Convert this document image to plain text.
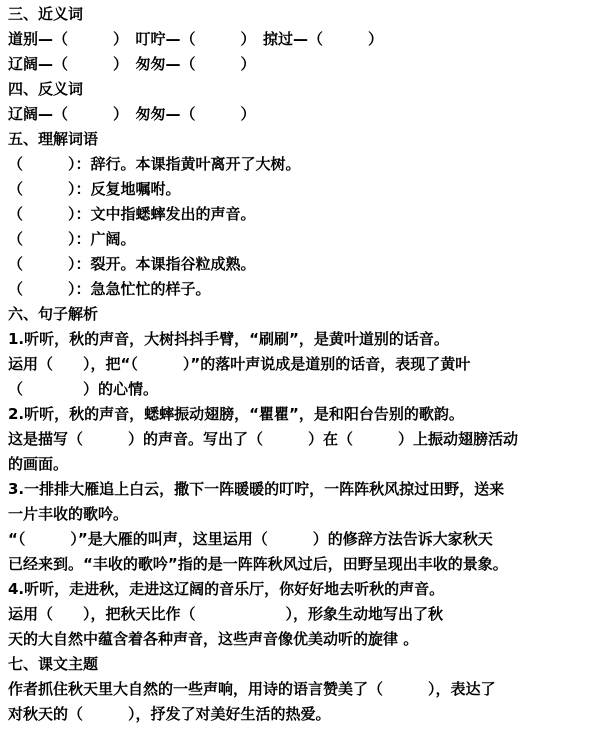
三、近义词
道别—（　　　）　叮咛—（　　　）　掠过—（　　　）
辽阔—（　　　）　匆匆—（　　　）
四、反义词
辽阔—（　　　）　匆匆—（　　　）
五、理解词语
（　　　）：辞行。本课指黄叶离开了大树。
（　　　）：反复地嘱咐。
（　　　）：文中指蟋蟀发出的声音。
（　　　）：广阔。
（　　　）：裂开。本课指谷粒成熟。
（　　　）：急急忙忙的样子。
六、句子解析
1.听听，秋的声音，大树抖抖手臂，“刷刷”，是黄叶道别的话音。
运用（　　），把“（　　　）”的落叶声说成是道别的话音，表现了黄叶
（　　　　）的心情。
2.听听，秋的声音，蟋蟀振动翅膀，“瞿瞿”，是和阳台告别的歌韵。
这是描写（　　　）的声音。写出了（　　　）在（　　　）上振动翅膀活动
的画面。
3.一排排大雁追上白云，撒下一阵暖暖的叮咛，一阵阵秋风掠过田野，送来
一片丰收的歌吟。
“（　　　）”是大雁的叫声，这里运用（　　　）的修辞方法告诉大家秋天
已经来到。“丰收的歌吟”指的是一阵阵秋风过后，田野呈现出丰收的景象。
4.听听，走进秋，走进这辽阔的音乐厅，你好好地去听秋的声音。
运用（　　），把秋天比作（　　　　　　），形象生动地写出了秋
天的大自然中蕴含着各种声音，这些声音像优美动听的旋律 。
七、课文主题
作者抓住秋天里大自然的一些声响，用诗的语言赞美了（　　　），表达了
对秋天的（　　　），抒发了对美好生活的热爱。
